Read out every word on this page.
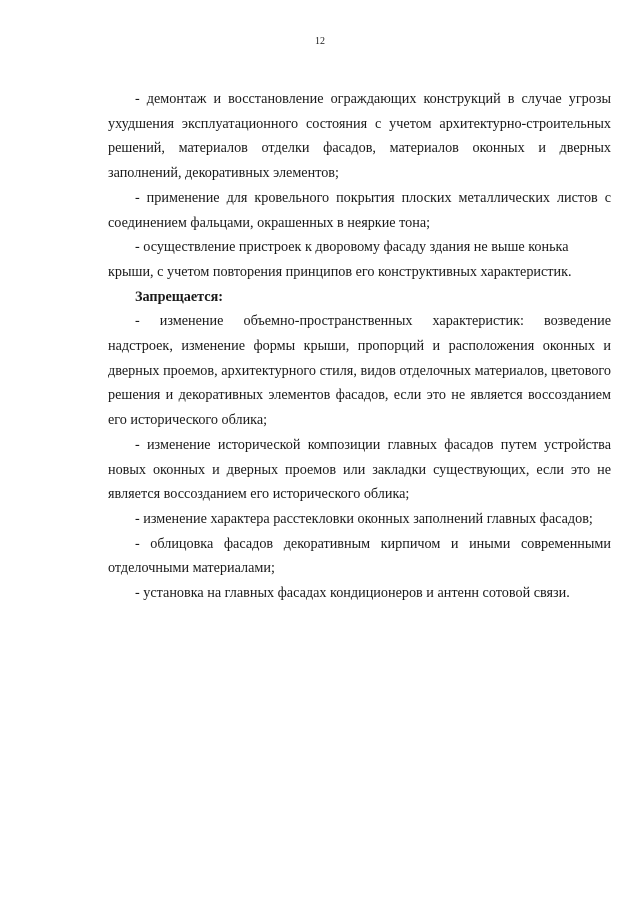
12

- демонтаж и восстановление ограждающих конструкций в случае угрозы ухудшения эксплуатационного состояния с учетом архитектурно-строительных решений, материалов отделки фасадов, материалов оконных и дверных заполнений, декоративных элементов;

- применение для кровельного покрытия плоских металлических листов с соединением фальцами, окрашенных в неяркие тона;

- осуществление пристроек к дворовому фасаду здания не выше конька крыши, с учетом повторения принципов его конструктивных характеристик.

Запрещается:

- изменение объемно-пространственных характеристик: возведение надстроек, изменение формы крыши, пропорций и расположения оконных и дверных проемов, архитектурного стиля, видов отделочных материалов, цветового решения и декоративных элементов фасадов, если это не является воссозданием его исторического облика;

- изменение исторической композиции главных фасадов путем устройства новых оконных и дверных проемов или закладки существующих, если это не является воссозданием его исторического облика;

- изменение характера расстекловки оконных заполнений главных фасадов;

- облицовка фасадов декоративным кирпичом и иными современными отделочными материалами;

- установка на главных фасадах кондиционеров и антенн сотовой связи.
